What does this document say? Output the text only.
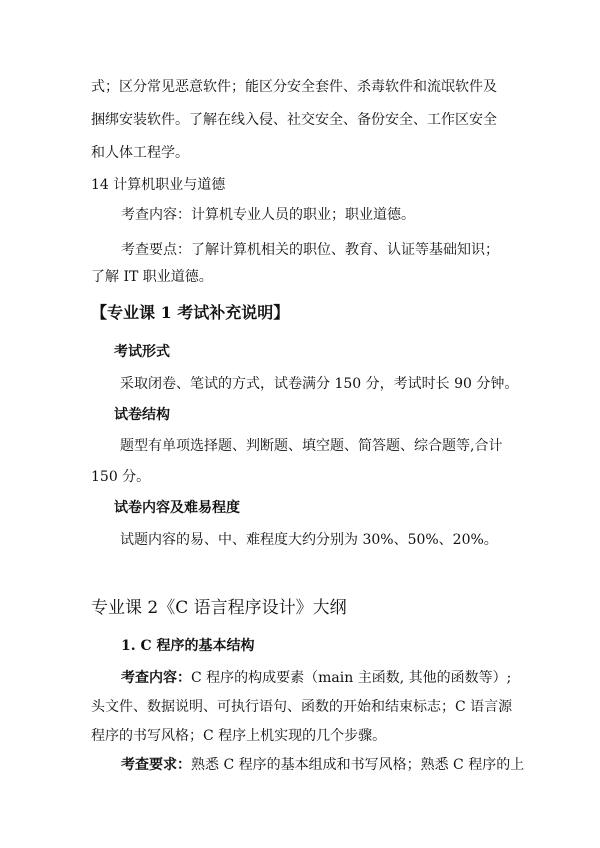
式；区分常见恶意软件；能区分安全套件、杀毒软件和流氓软件及
捆绑安装软件。了解在线入侵、社交安全、备份安全、工作区安全
和人体工程学。
14 计算机职业与道德
考查内容：计算机专业人员的职业；职业道德。
考查要点：了解计算机相关的职位、教育、认证等基础知识；
了解 IT 职业道德。
【专业课 1 考试补充说明】
考试形式
采取闭卷、笔试的方式，试卷满分 150 分，考试时长 90 分钟。
试卷结构
题型有单项选择题、判断题、填空题、简答题、综合题等,合计
150 分。
试卷内容及难易程度
试题内容的易、中、难程度大约分别为 30%、50%、20%。
专业课 2《C 语言程序设计》大纲
1. C 程序的基本结构
考查内容：C 程序的构成要素（main 主函数, 其他的函数等）;
头文件、数据说明、可执行语句、函数的开始和结束标志；C 语言源
程序的书写风格；C 程序上机实现的几个步骤。
考查要求：熟悉 C 程序的基本组成和书写风格；熟悉 C 程序的上
